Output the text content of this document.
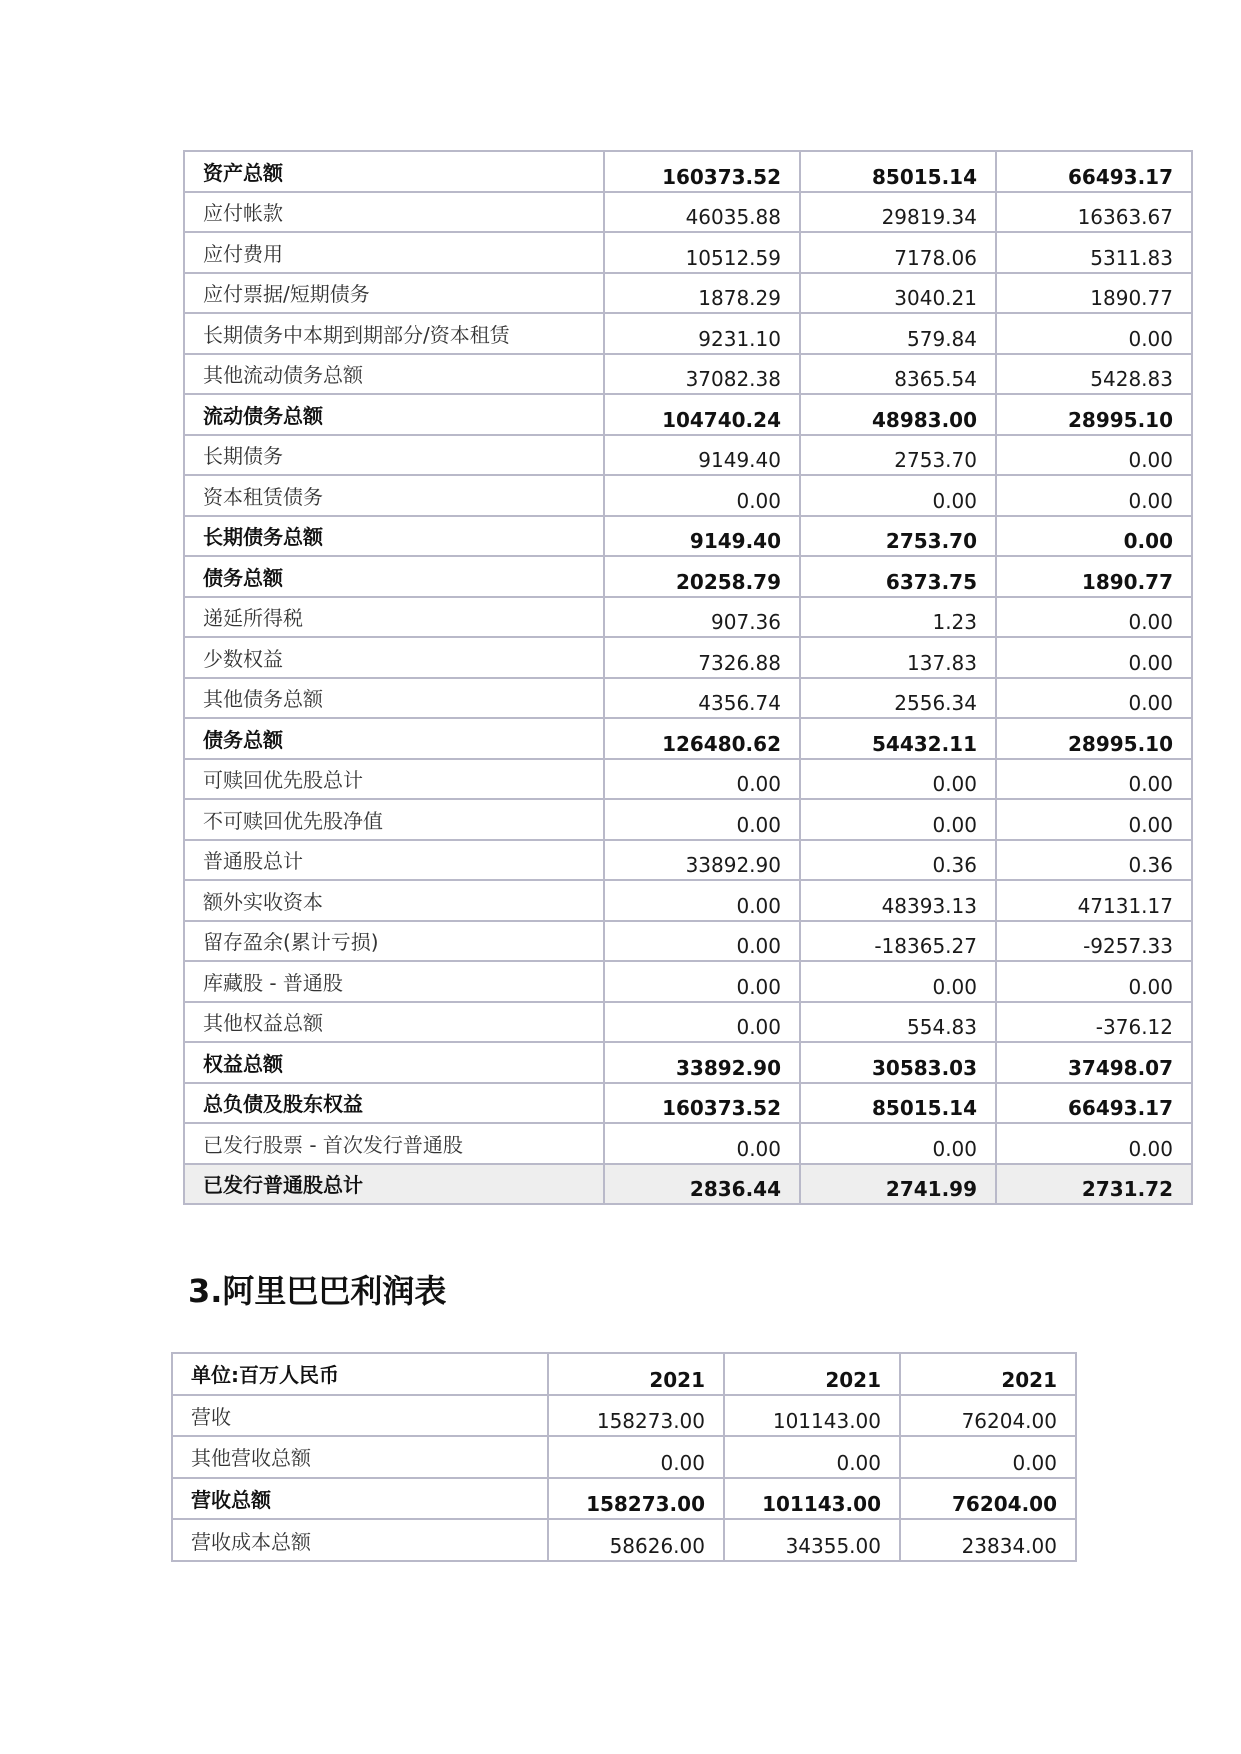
资产总额	160373.52	85015.14	66493.17
应付帐款	46035.88	29819.34	16363.67
应付费用	10512.59	7178.06	5311.83
应付票据/短期债务	1878.29	3040.21	1890.77
长期债务中本期到期部分/资本租赁	9231.10	579.84	0.00
其他流动债务总额	37082.38	8365.54	5428.83
流动债务总额	104740.24	48983.00	28995.10
长期债务	9149.40	2753.70	0.00
资本租赁债务	0.00	0.00	0.00
长期债务总额	9149.40	2753.70	0.00
债务总额	20258.79	6373.75	1890.77
递延所得税	907.36	1.23	0.00
少数权益	7326.88	137.83	0.00
其他债务总额	4356.74	2556.34	0.00
债务总额	126480.62	54432.11	28995.10
可赎回优先股总计	0.00	0.00	0.00
不可赎回优先股净值	0.00	0.00	0.00
普通股总计	33892.90	0.36	0.36
额外实收资本	0.00	48393.13	47131.17
留存盈余(累计亏损)	0.00	-18365.27	-9257.33
库藏股 - 普通股	0.00	0.00	0.00
其他权益总额	0.00	554.83	-376.12
权益总额	33892.90	30583.03	37498.07
总负债及股东权益	160373.52	85015.14	66493.17
已发行股票 - 首次发行普通股	0.00	0.00	0.00
已发行普通股总计	2836.44	2741.99	2731.72
3.阿里巴巴利润表
单位:百万人民币	2021	2021	2021
营收	158273.00	101143.00	76204.00
其他营收总额	0.00	0.00	0.00
营收总额	158273.00	101143.00	76204.00
营收成本总额	58626.00	34355.00	23834.00
